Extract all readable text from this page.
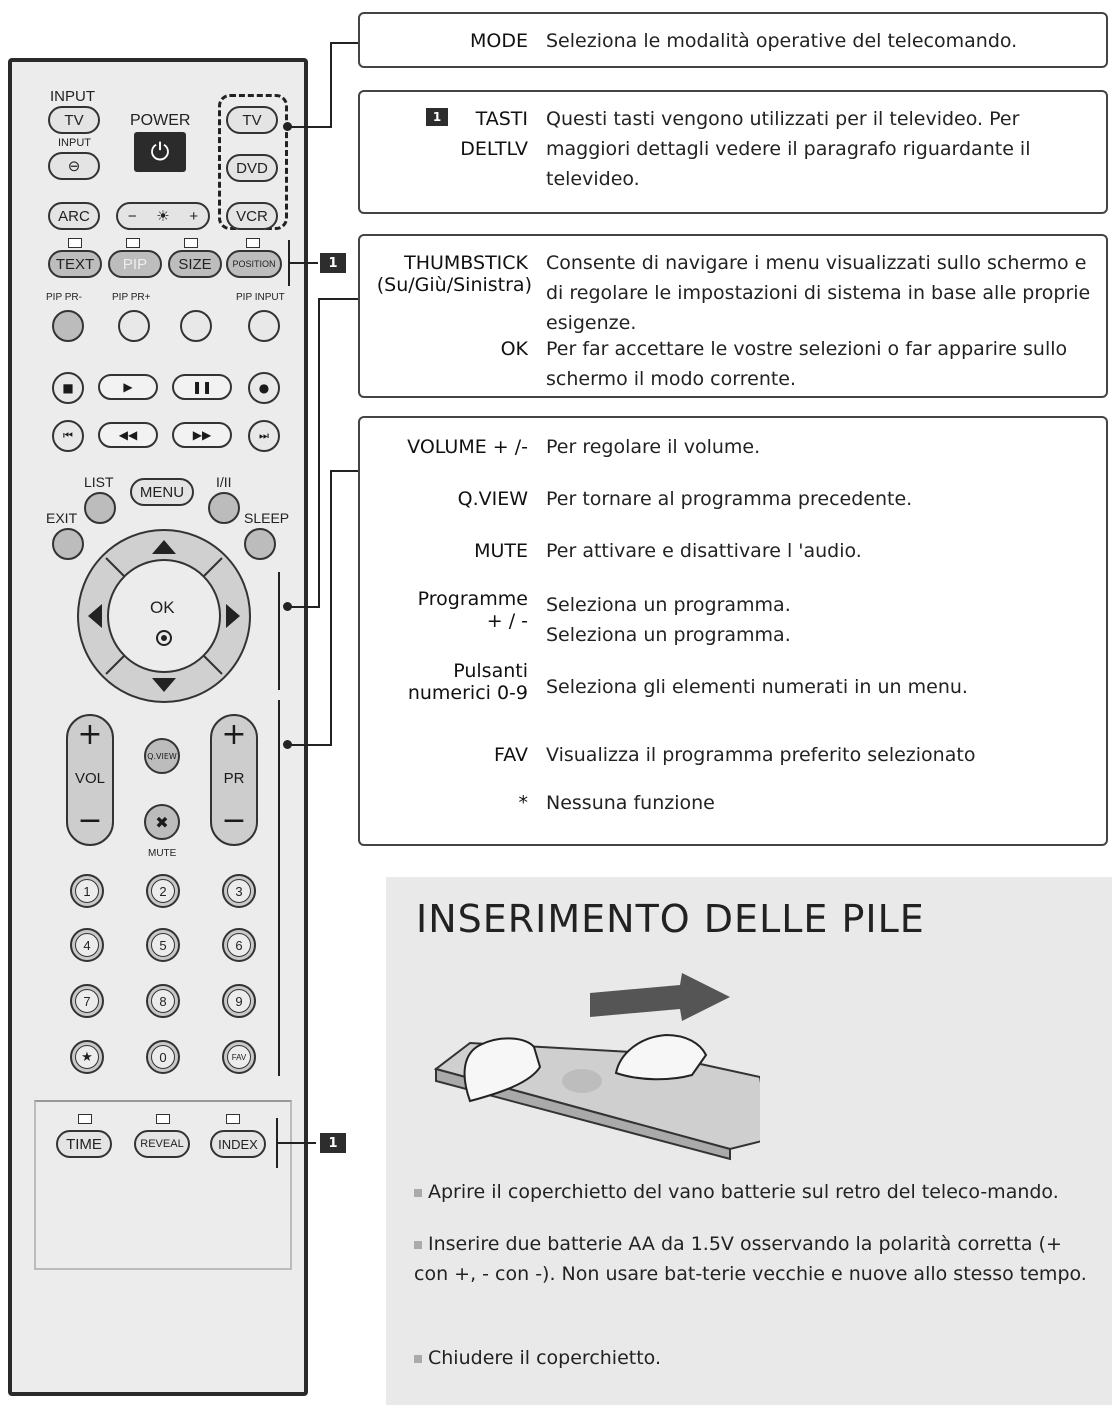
INPUT
TV
INPUT
⊖
POWER
⏻
TV
DVD
VCR
ARC	− ☀ +
TEXT	PIP	SIZE	POSITION
PIP PR-	PIP PR+	PIP INPUT
■	▶	❚❚	●
⏮	◀◀	▶▶	⏭
LIST
MENU
I/II
EXIT	SLEEP
OK
+
VOL
−
+
PR
−
Q.VIEW
✖
MUTE
1	2	3
4	5	6
7	8	9
★	0	FAV
TIME	REVEAL	INDEX
1
1
MODE Seleziona le modalità operative del telecomando.
1	TASTI
DELTLV
Questi tasti vengono utilizzati per il televideo. Per maggiori dettagli vedere il paragrafo riguardante il televideo.
THUMBSTICK
(Su/Giù/Sinistra)
Consente di navigare i menu visualizzati sullo schermo e di regolare le impostazioni di sistema in base alle proprie esigenze.
OK Per far accettare le vostre selezioni o far apparire sullo schermo il modo corrente.
VOLUME + /- Per regolare il volume.
Q.VIEW Per tornare al programma precedente.
MUTE Per attivare e disattivare l 'audio.
Programme
+ / -
Seleziona un programma.
Seleziona un programma.
Pulsanti
numerici 0-9 Seleziona gli elementi numerati in un menu.
FAV Visualizza il programma preferito selezionato
* Nessuna funzione
INSERIMENTO DELLE PILE
Aprire il coperchietto del vano batterie sul retro del teleco-mando.
Inserire due batterie AA da 1.5V osservando la polarità corretta (+ con +, - con -). Non usare bat-terie vecchie e nuove allo stesso tempo.
Chiudere il coperchietto.
